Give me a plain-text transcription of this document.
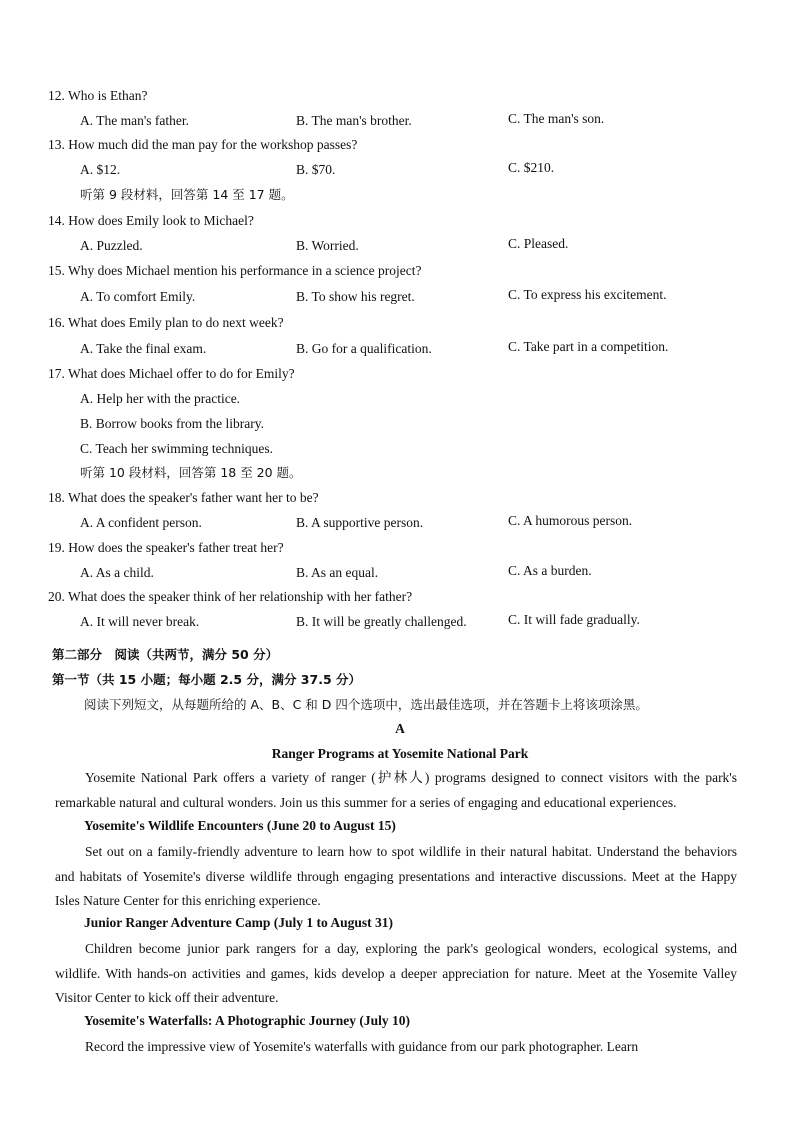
12. Who is Ethan?
A. The man's father.	B. The man's brother.	C. The man's son.
13. How much did the man pay for the workshop passes?
A. $12.	B. $70.	C. $210.
听第 9 段材料，回答第 14 至 17 题。
14. How does Emily look to Michael?
A. Puzzled.	B. Worried.	C. Pleased.
15. Why does Michael mention his performance in a science project?
A. To comfort Emily.	B. To show his regret.	C. To express his excitement.
16. What does Emily plan to do next week?
A. Take the final exam.	B. Go for a qualification.	C. Take part in a competition.
17. What does Michael offer to do for Emily?
A. Help her with the practice.
B. Borrow books from the library.
C. Teach her swimming techniques.
听第 10 段材料，回答第 18 至 20 题。
18. What does the speaker's father want her to be?
A. A confident person.	B. A supportive person.	C. A humorous person.
19. How does the speaker's father treat her?
A. As a child.	B. As an equal.	C. As a burden.
20. What does the speaker think of her relationship with her father?
A. It will never break.	B. It will be greatly challenged.	C. It will fade gradually.
第二部分　阅读（共两节，满分 50 分）
第一节（共 15 小题；每小题 2.5 分，满分 37.5 分）
阅读下列短文，从每题所给的 A、B、C 和 D 四个选项中，选出最佳选项，并在答题卡上将该项涂黑。
A
Ranger Programs at Yosemite National Park
Yosemite National Park offers a variety of ranger (护林人) programs designed to connect visitors with the park's remarkable natural and cultural wonders. Join us this summer for a series of engaging and educational experiences.
Yosemite's Wildlife Encounters (June 20 to August 15)
Set out on a family-friendly adventure to learn how to spot wildlife in their natural habitat. Understand the behaviors and habitats of Yosemite's diverse wildlife through engaging presentations and interactive discussions. Meet at the Happy Isles Nature Center for this enriching experience.
Junior Ranger Adventure Camp (July 1 to August 31)
Children become junior park rangers for a day, exploring the park's geological wonders, ecological systems, and wildlife. With hands-on activities and games, kids develop a deeper appreciation for nature. Meet at the Yosemite Valley Visitor Center to kick off their adventure.
Yosemite's Waterfalls: A Photographic Journey (July 10)
Record the impressive view of Yosemite's waterfalls with guidance from our park photographer. Learn
